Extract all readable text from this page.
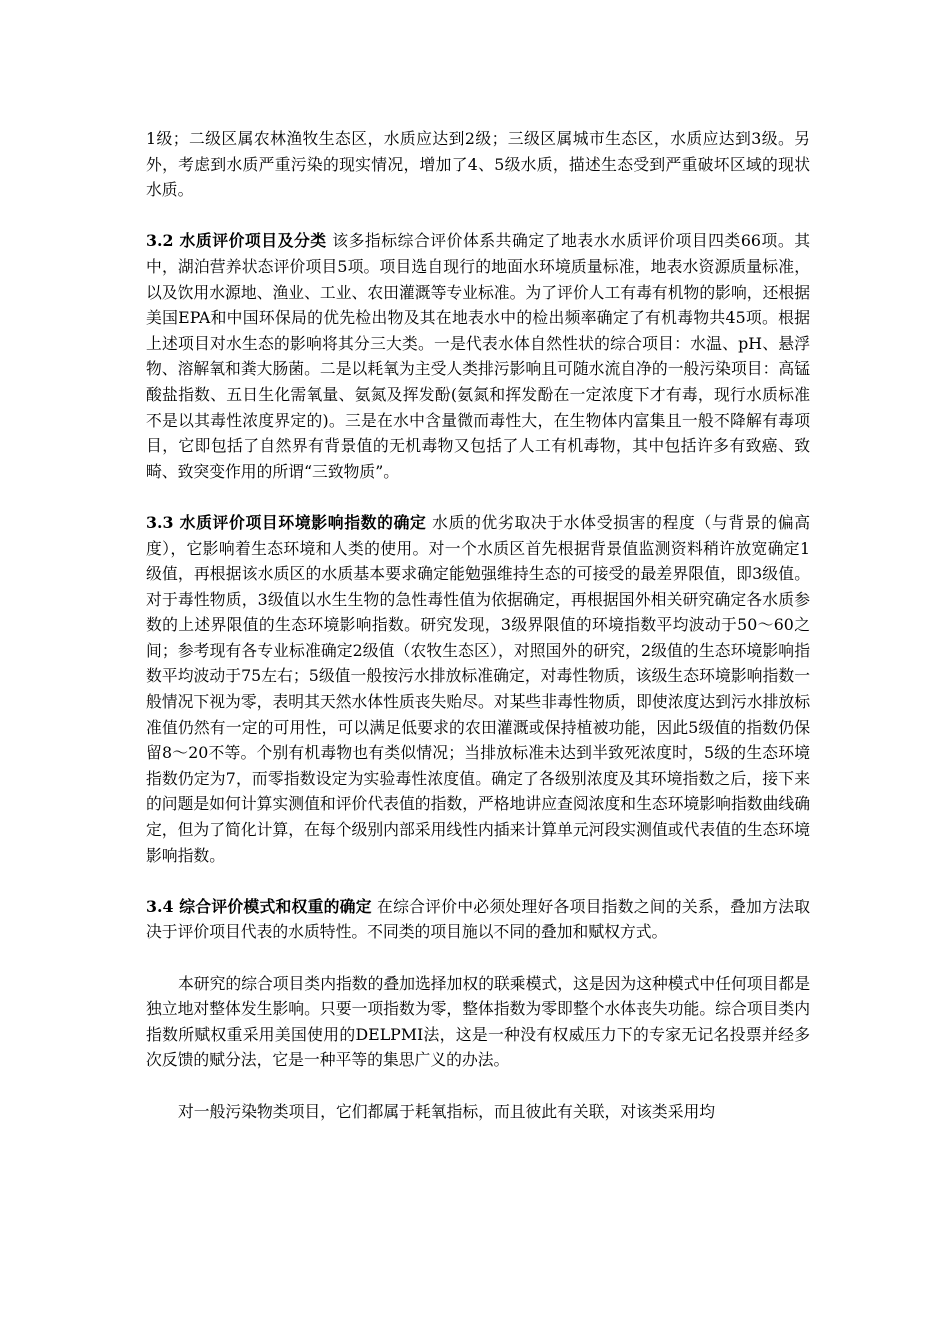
1级；二级区属农林渔牧生态区，水质应达到2级；三级区属城市生态区，水质应达到3级。另外，考虑到水质严重污染的现实情况，增加了4、5级水质，描述生态受到严重破坏区域的现状水质。

3.2 水质评价项目及分类 该多指标综合评价体系共确定了地表水水质评价项目四类66项。其中，湖泊营养状态评价项目5项。项目选自现行的地面水环境质量标准，地表水资源质量标准，以及饮用水源地、渔业、工业、农田灌溉等专业标准。为了评价人工有毒有机物的影响，还根据美国EPA和中国环保局的优先检出物及其在地表水中的检出频率确定了有机毒物共45项。根据上述项目对水生态的影响将其分三大类。一是代表水体自然性状的综合项目：水温、pH、悬浮物、溶解氧和粪大肠菌。二是以耗氧为主受人类排污影响且可随水流自净的一般污染项目：高锰酸盐指数、五日生化需氧量、氨氮及挥发酚(氨氮和挥发酚在一定浓度下才有毒，现行水质标准不是以其毒性浓度界定的)。三是在水中含量微而毒性大，在生物体内富集且一般不降解有毒项目，它即包括了自然界有背景值的无机毒物又包括了人工有机毒物，其中包括许多有致癌、致畸、致突变作用的所谓“三致物质”。

3.3 水质评价项目环境影响指数的确定 水质的优劣取决于水体受损害的程度（与背景的偏高度），它影响着生态环境和人类的使用。对一个水质区首先根据背景值监测资料稍许放宽确定1级值，再根据该水质区的水质基本要求确定能勉强维持生态的可接受的最差界限值，即3级值。对于毒性物质，3级值以水生生物的急性毒性值为依据确定，再根据国外相关研究确定各水质参数的上述界限值的生态环境影响指数。研究发现，3级界限值的环境指数平均波动于50～60之间；参考现有各专业标准确定2级值（农牧生态区），对照国外的研究，2级值的生态环境影响指数平均波动于75左右；5级值一般按污水排放标准确定，对毒性物质，该级生态环境影响指数一般情况下视为零，表明其天然水体性质丧失贻尽。对某些非毒性物质，即使浓度达到污水排放标准值仍然有一定的可用性，可以满足低要求的农田灌溉或保持植被功能，因此5级值的指数仍保留8～20不等。个别有机毒物也有类似情况；当排放标准未达到半致死浓度时，5级的生态环境指数仍定为7，而零指数设定为实验毒性浓度值。确定了各级别浓度及其环境指数之后，接下来的问题是如何计算实测值和评价代表值的指数，严格地讲应查阅浓度和生态环境影响指数曲线确定，但为了简化计算，在每个级别内部采用线性内插来计算单元河段实测值或代表值的生态环境影响指数。

3.4 综合评价模式和权重的确定 在综合评价中必须处理好各项目指数之间的关系，叠加方法取决于评价项目代表的水质特性。不同类的项目施以不同的叠加和赋权方式。

本研究的综合项目类内指数的叠加选择加权的联乘模式，这是因为这种模式中任何项目都是独立地对整体发生影响。只要一项指数为零，整体指数为零即整个水体丧失功能。综合项目类内指数所赋权重采用美国使用的DELPMI法，这是一种没有权威压力下的专家无记名投票并经多次反馈的赋分法，它是一种平等的集思广义的办法。

对一般污染物类项目，它们都属于耗氧指标，而且彼此有关联，对该类采用均
